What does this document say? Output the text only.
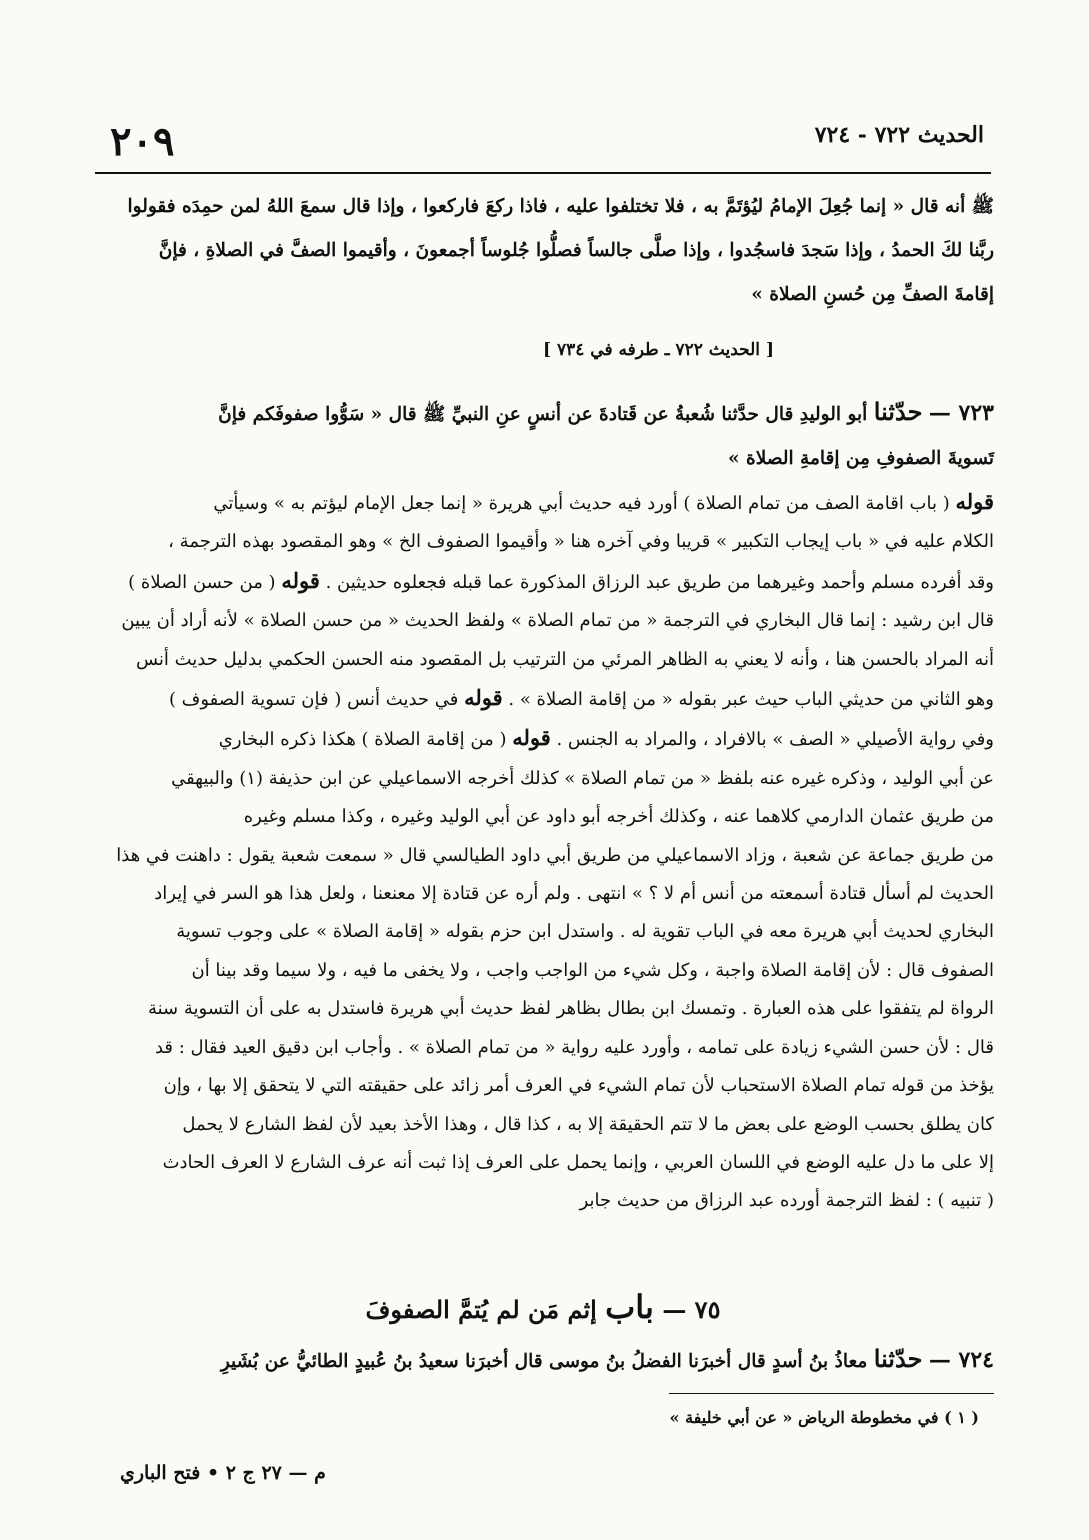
٢٠٩	الحديث ٧٢٢ - ٧٢٤

ﷺ أنه قال « إنما جُعِلَ الإمامُ ليُؤتَمَّ به ، فلا تختلفوا عليه ، فاذا ركعَ فاركعوا ، وإذا قال سمعَ اللهُ لمن حمِدَه فقولوا

ربَّنا لكَ الحمدُ ، وإذا سَجدَ فاسجُدوا ، وإذا صلَّى جالساً فصلُّوا جُلوساً أجمعونَ ، وأقيموا الصفَّ في الصلاةِ ، فإنَّ

إقامةَ الصفِّ مِن حُسنِ الصلاة »

[ الحديث ٧٢٢ ـ طرفه في ٧٣٤ ]

٧٢٣ — حدّثنا أبو الوليدِ قال حدَّثنا شُعبةُ عن قَتادةَ عن أنسٍ عنِ النبيِّ ﷺ قال « سَوُّوا صفوفَكم فإنَّ

تَسويةَ الصفوفِ مِن إقامةِ الصلاة »

قوله ( باب اقامة الصف من تمام الصلاة ) أورد فيه حديث أبي هريرة « إنما جعل الإمام ليؤتم به » وسيأتي

الكلام عليه في « باب إيجاب التكبير » قريبا وفي آخره هنا « وأقيموا الصفوف الخ » وهو المقصود بهذه الترجمة ،

وقد أفرده مسلم وأحمد وغيرهما من طريق عبد الرزاق المذكورة عما قبله فجعلوه حديثين . قوله ( من حسن الصلاة )

قال ابن رشيد : إنما قال البخاري في الترجمة « من تمام الصلاة » ولفظ الحديث « من حسن الصلاة » لأنه أراد أن يبين

أنه المراد بالحسن هنا ، وأنه لا يعني به الظاهر المرئي من الترتيب بل المقصود منه الحسن الحكمي بدليل حديث أنس

وهو الثاني من حديثي الباب حيث عبر بقوله « من إقامة الصلاة » . قوله في حديث أنس ( فإن تسوية الصفوف )

وفي رواية الأصيلي « الصف » بالافراد ، والمراد به الجنس . قوله ( من إقامة الصلاة ) هكذا ذكره البخاري

عن أبي الوليد ، وذكره غيره عنه بلفظ « من تمام الصلاة » كذلك أخرجه الاسماعيلي عن ابن حذيفة (١) والبيهقي

من طريق عثمان الدارمي كلاهما عنه ، وكذلك أخرجه أبو داود عن أبي الوليد وغيره ، وكذا مسلم وغيره

من طريق جماعة عن شعبة ، وزاد الاسماعيلي من طريق أبي داود الطيالسي قال « سمعت شعبة يقول : داهنت في هذا

الحديث لم أسأل قتادة أسمعته من أنس أم لا ؟ » انتهى . ولم أره عن قتادة إلا معنعنا ، ولعل هذا هو السر في إيراد

البخاري لحديث أبي هريرة معه في الباب تقوية له . واستدل ابن حزم بقوله « إقامة الصلاة » على وجوب تسوية

الصفوف قال : لأن إقامة الصلاة واجبة ، وكل شيء من الواجب واجب ، ولا يخفى ما فيه ، ولا سيما وقد بينا أن

الرواة لم يتفقوا على هذه العبارة . وتمسك ابن بطال بظاهر لفظ حديث أبي هريرة فاستدل به على أن التسوية سنة

قال : لأن حسن الشيء زيادة على تمامه ، وأورد عليه رواية « من تمام الصلاة » . وأجاب ابن دقيق العيد فقال : قد

يؤخذ من قوله تمام الصلاة الاستحباب لأن تمام الشيء في العرف أمر زائد على حقيقته التي لا يتحقق إلا بها ، وإن

كان يطلق بحسب الوضع على بعض ما لا تتم الحقيقة إلا به ، كذا قال ، وهذا الأخذ بعيد لأن لفظ الشارع لا يحمل

إلا على ما دل عليه الوضع في اللسان العربي ، وإنما يحمل على العرف إذا ثبت أنه عرف الشارع لا العرف الحادث

( تنبيه ) : لفظ الترجمة أورده عبد الرزاق من حديث جابر

٧٥ — باب إثم مَن لم يُتمَّ الصفوفَ

٧٢٤ — حدّثنا معاذُ بنُ أسدٍ قال أخبرَنا الفضلُ بنُ موسى قال أخبرَنا سعيدُ بنُ عُبيدٍ الطائيُّ عن بُشَيرِ

( ١ ) في مخطوطة الرياض « عن أبي خليفة »
م — ٢٧ ج ٢ • فتح الباري
